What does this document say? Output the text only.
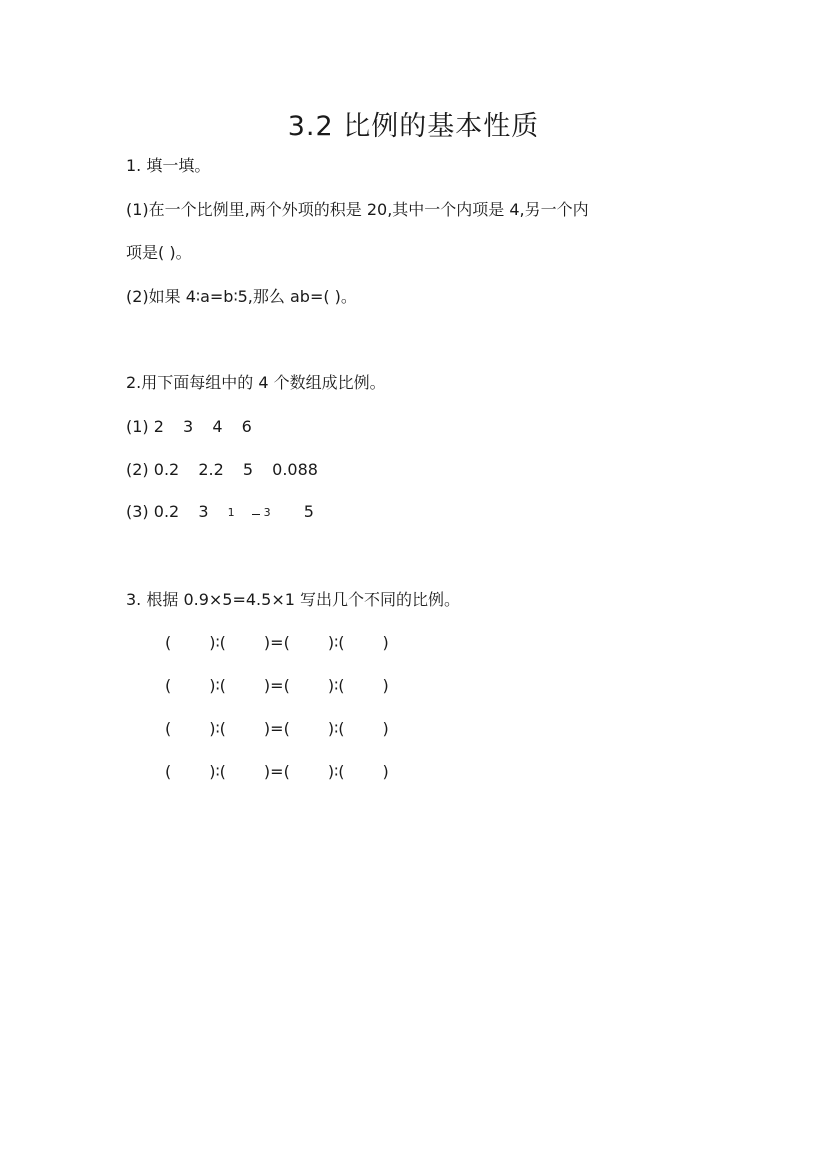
3.2 比例的基本性质
1. 填一填。
(1)在一个比例里,两个外项的积是 20,其中一个内项是 4,另一个内
项是( )。
(2)如果 4∶a=b∶5,那么 ab=( )。
2.用下面每组中的 4 个数组成比例。
(1) 2 3 4 6
(2) 0.2 2.2 5 0.088
(3) 0.2 3 1	3 5
3. 根据 0.9×5=4.5×1 写出几个不同的比例。
( )∶( )=( )∶( )
( )∶( )=( )∶( )
( )∶( )=( )∶( )
( )∶( )=( )∶( )
